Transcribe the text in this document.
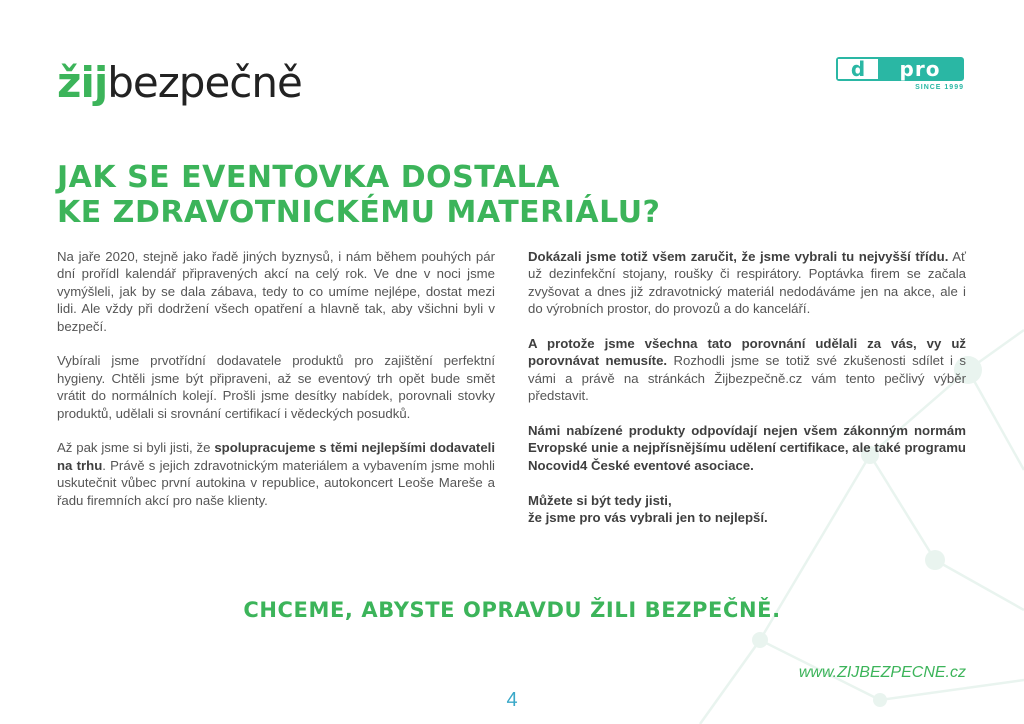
žij bezpečně	d	pro
SINCE 1999
JAK SE EVENTOVKA DOSTALA
KE ZDRAVOTNICKÉMU MATERIÁLU?

Na jaře 2020, stejně jako řadě jiných byznysů, i nám během pouhých pár dní prořídl kalendář připravených akcí na celý rok. Ve dne v noci jsme vymýšleli, jak by se dala zábava, tedy to co umíme nejlépe, dostat mezi lidi. Ale vždy při dodržení všech opatření a hlavně tak, aby všichni byli v bezpečí.

Vybírali jsme prvotřídní dodavatele produktů pro zajištění perfektní hygieny. Chtěli jsme být připraveni, až se eventový trh opět bude smět vrátit do normálních kolejí. Prošli jsme desítky nabídek, porovnali stovky produktů, udělali si srovnání certifikací i vědeckých posudků.

Až pak jsme si byli jisti, že spolupracujeme s těmi nejlepšími dodavateli na trhu. Právě s jejich zdravotnickým materiálem a vybavením jsme mohli uskutečnit vůbec první autokina v republice, autokoncert Leoše Mareše a řadu firemních akcí pro naše klienty.

Dokázali jsme totiž všem zaručit, že jsme vybrali tu nejvyšší třídu. Ať už dezinfekční stojany, roušky či respirátory. Poptávka firem se začala zvyšovat a dnes již zdravotnický materiál nedodáváme jen na akce, ale i do výrobních prostor, do provozů a do kanceláří.

A protože jsme všechna tato porovnání udělali za vás, vy už porovnávat nemusíte. Rozhodli jsme se totiž své zkušenosti sdílet i s vámi a právě na stránkách Žijbezpečně.cz vám tento pečlivý výběr představit.

Námi nabízené produkty odpovídají nejen všem zákonným normám Evropské unie a nejpřísnějšímu udělení certifikace, ale také programu Nocovid4 České eventové asociace.

Můžete si být tedy jisti,
že jsme pro vás vybrali jen to nejlepší.

CHCEME, ABYSTE OPRAVDU ŽILI BEZPEČNĚ.
www.ZIJBEZPECNE.cz
4
